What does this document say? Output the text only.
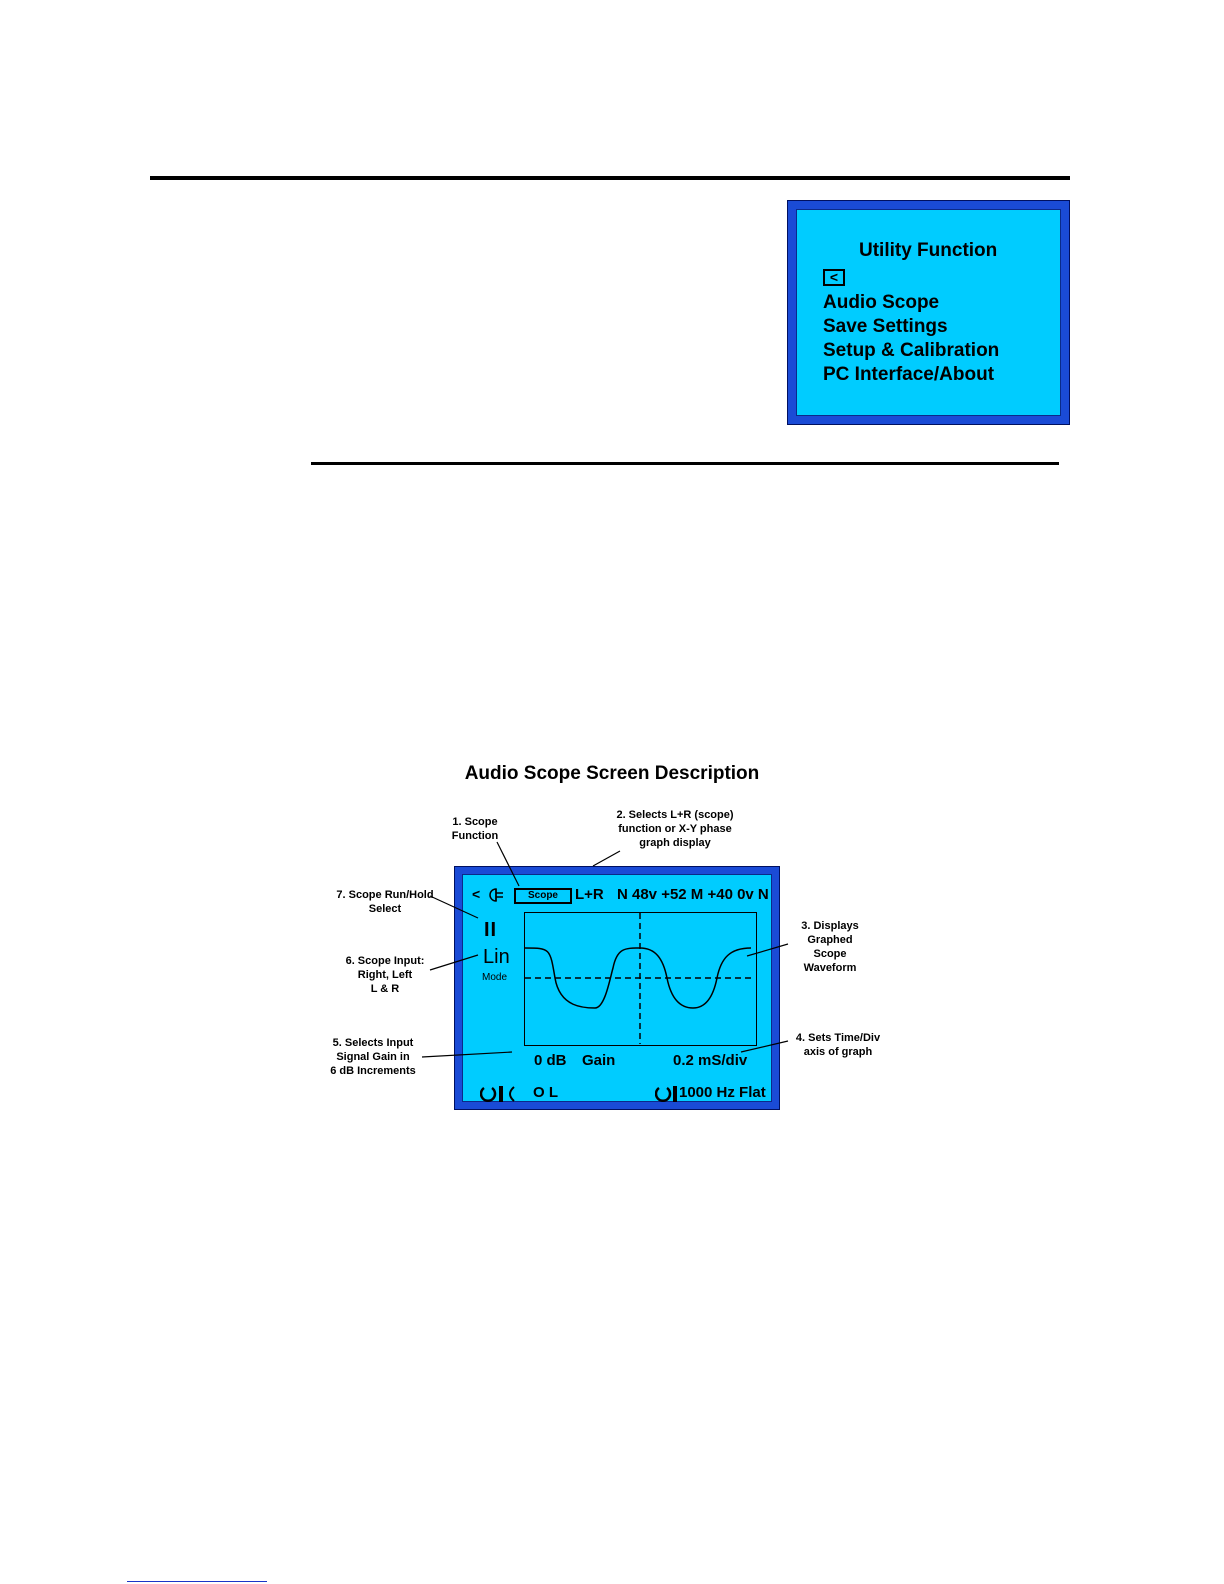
Utility Function
<
Audio Scope
Save Settings
Setup & Calibration
PC Interface/About
Audio Scope Screen Description
1. Scope
Function
2. Selects L+R (scope)
function or X-Y phase
graph display
3. Displays
Graphed
Scope
Waveform
4. Sets Time/Div
axis of graph
5. Selects Input
Signal Gain in
6 dB Increments
6. Scope Input:
Right, Left
L & R
7. Scope Run/Hold
Select
<	Scope	L+R N 48v +52 M +40 0v N
II
Lin
Mode
0 dB Gain	0.2 mS/div
O L	1000 Hz Flat
